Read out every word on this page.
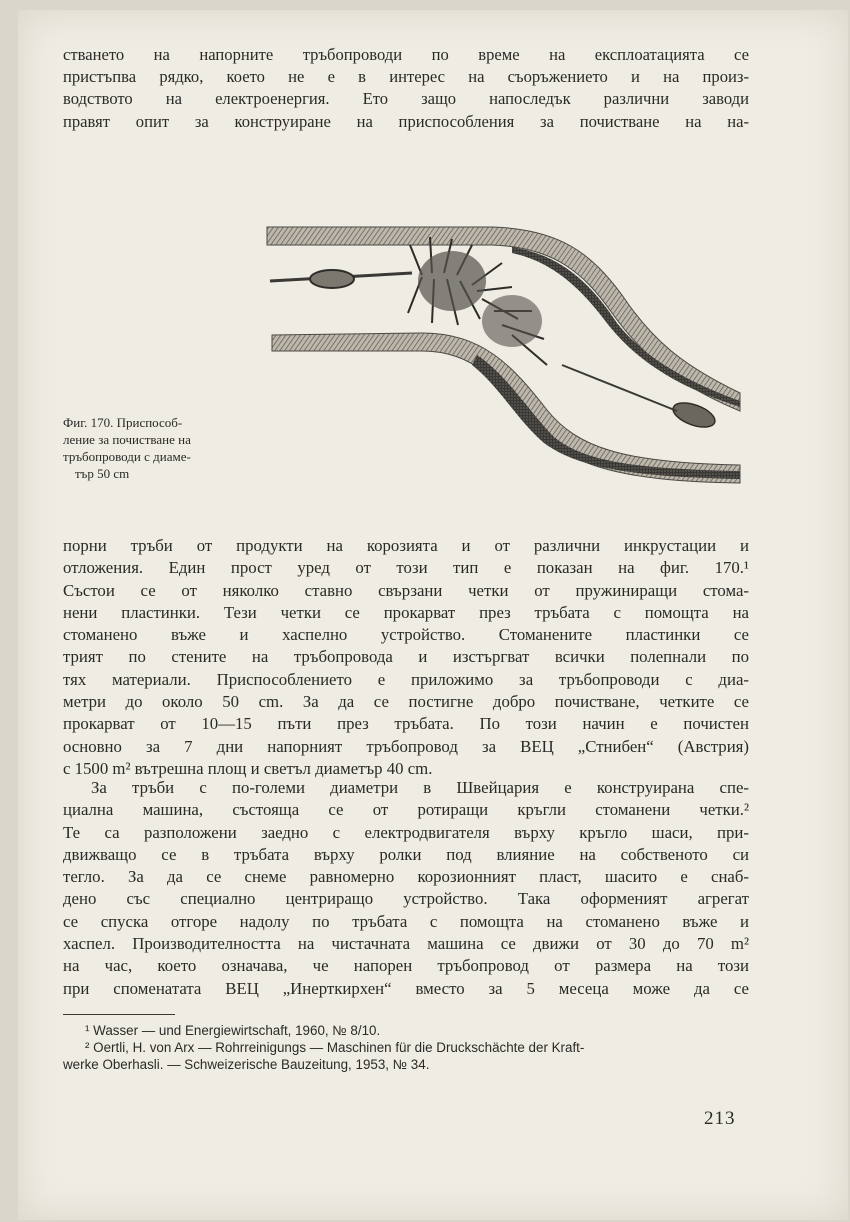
стването на напорните тръбопроводи по време на експлоатацията се
пристъпва рядко, което не е в интерес на съоръжението и на произ-
водството на електроенергия. Ето защо напоследък различни заводи
правят опит за конструиране на приспособления за почистване на на-
Фиг. 170. Приспособ-
ление за почистване на
тръбопроводи с диаме-
тър 50 cm
порни тръби от продукти на корозията и от различни инкрустации и
отложения. Един прост уред от този тип е показан на фиг. 170.¹
Състои се от няколко ставно свързани четки от пружиниращи стома-
нени пластинки. Тези четки се прокарват през тръбата с помощта на
стоманено въже и хаспелно устройство. Стоманените пластинки се
трият по стените на тръбопровода и изстъргват всички полепнали по
тях материали. Приспособлението е приложимо за тръбопроводи с диа-
метри до около 50 cm. За да се постигне добро почистване, четките се
прокарват от 10—15 пъти през тръбата. По този начин е почистен
основно за 7 дни напорният тръбопровод за ВЕЦ „Стнибен“ (Австрия)
с 1500 m² вътрешна площ и светъл диаметър 40 cm.
За тръби с по-големи диаметри в Швейцария е конструирана спе-
циална машина, състояща се от ротиращи кръгли стоманени четки.²
Те са разположени заедно с електродвигателя върху кръгло шаси, при-
движващо се в тръбата върху ролки под влияние на собственото си
тегло. За да се снеме равномерно корозионният пласт, шасито е снаб-
дено със специално центриращо устройство. Така оформеният агрегат
се спуска отгоре надолу по тръбата с помощта на стоманено въже и
хаспел. Производителността на чистачната машина се движи от 30 до 70 m²
на час, което означава, че напорен тръбопровод от размера на този
при споменатата ВЕЦ „Инерткирхен“ вместо за 5 месеца може да се
¹ Wasser — und Energiewirtschaft, 1960, № 8/10.
² Oertli, H. von Arx — Rohrreinigungs — Maschinen für die Druckschächte der Kraft-
werke Oberhasli. — Schweizerische Bauzeitung, 1953, № 34.
213
